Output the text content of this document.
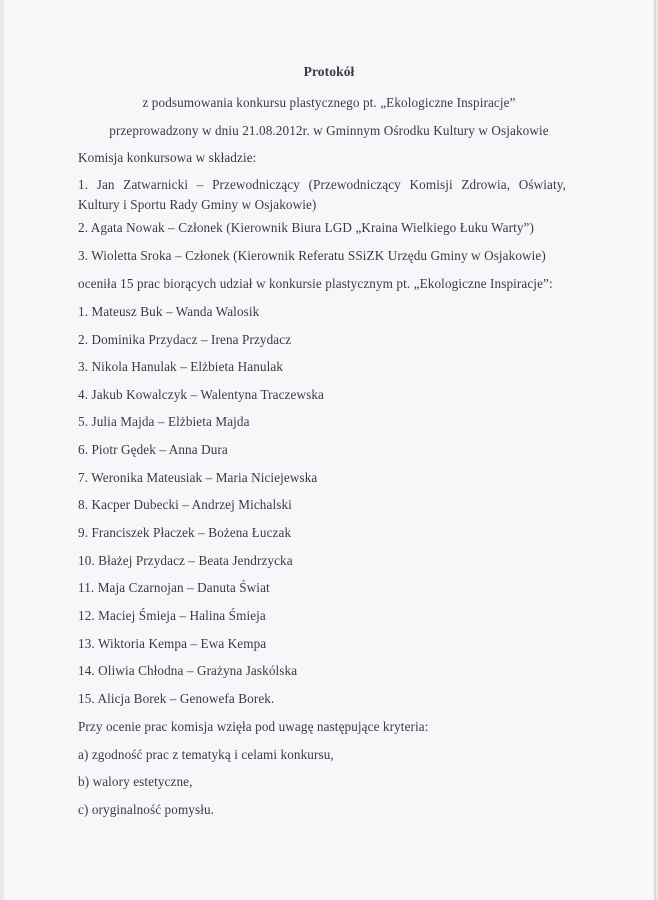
Protokół
z podsumowania konkursu plastycznego pt. „Ekologiczne Inspiracje”
przeprowadzony w dniu 21.08.2012r. w Gminnym Ośrodku Kultury w Osjakowie
Komisja konkursowa w składzie:
1. Jan Zatwarnicki – Przewodniczący (Przewodniczący Komisji Zdrowia, Oświaty, Kultury i Sportu Rady Gminy w Osjakowie)
2. Agata Nowak – Członek (Kierownik Biura LGD „Kraina Wielkiego Łuku Warty”)
3. Wioletta Sroka – Członek (Kierownik Referatu SSiZK Urzędu Gminy w Osjakowie)
oceniła 15 prac biorących udział w konkursie plastycznym pt. „Ekologiczne Inspiracje”:
1. Mateusz Buk – Wanda Walosik
2. Dominika Przydacz – Irena Przydacz
3. Nikola Hanulak – Elżbieta Hanulak
4. Jakub Kowalczyk – Walentyna Traczewska
5. Julia Majda – Elżbieta Majda
6. Piotr Gędek – Anna Dura
7. Weronika Mateusiak – Maria Niciejewska
8. Kacper Dubecki – Andrzej Michalski
9. Franciszek Płaczek – Bożena Łuczak
10. Błażej Przydacz – Beata Jendrzycka
11. Maja Czarnojan – Danuta Świat
12. Maciej Śmieja – Halina Śmieja
13. Wiktoria Kempa – Ewa Kempa
14. Oliwia Chłodna – Grażyna Jaskólska
15. Alicja Borek – Genowefa Borek.
Przy ocenie prac komisja wzięła pod uwagę następujące kryteria:
a) zgodność prac z tematyką i celami konkursu,
b) walory estetyczne,
c) oryginalność pomysłu.
